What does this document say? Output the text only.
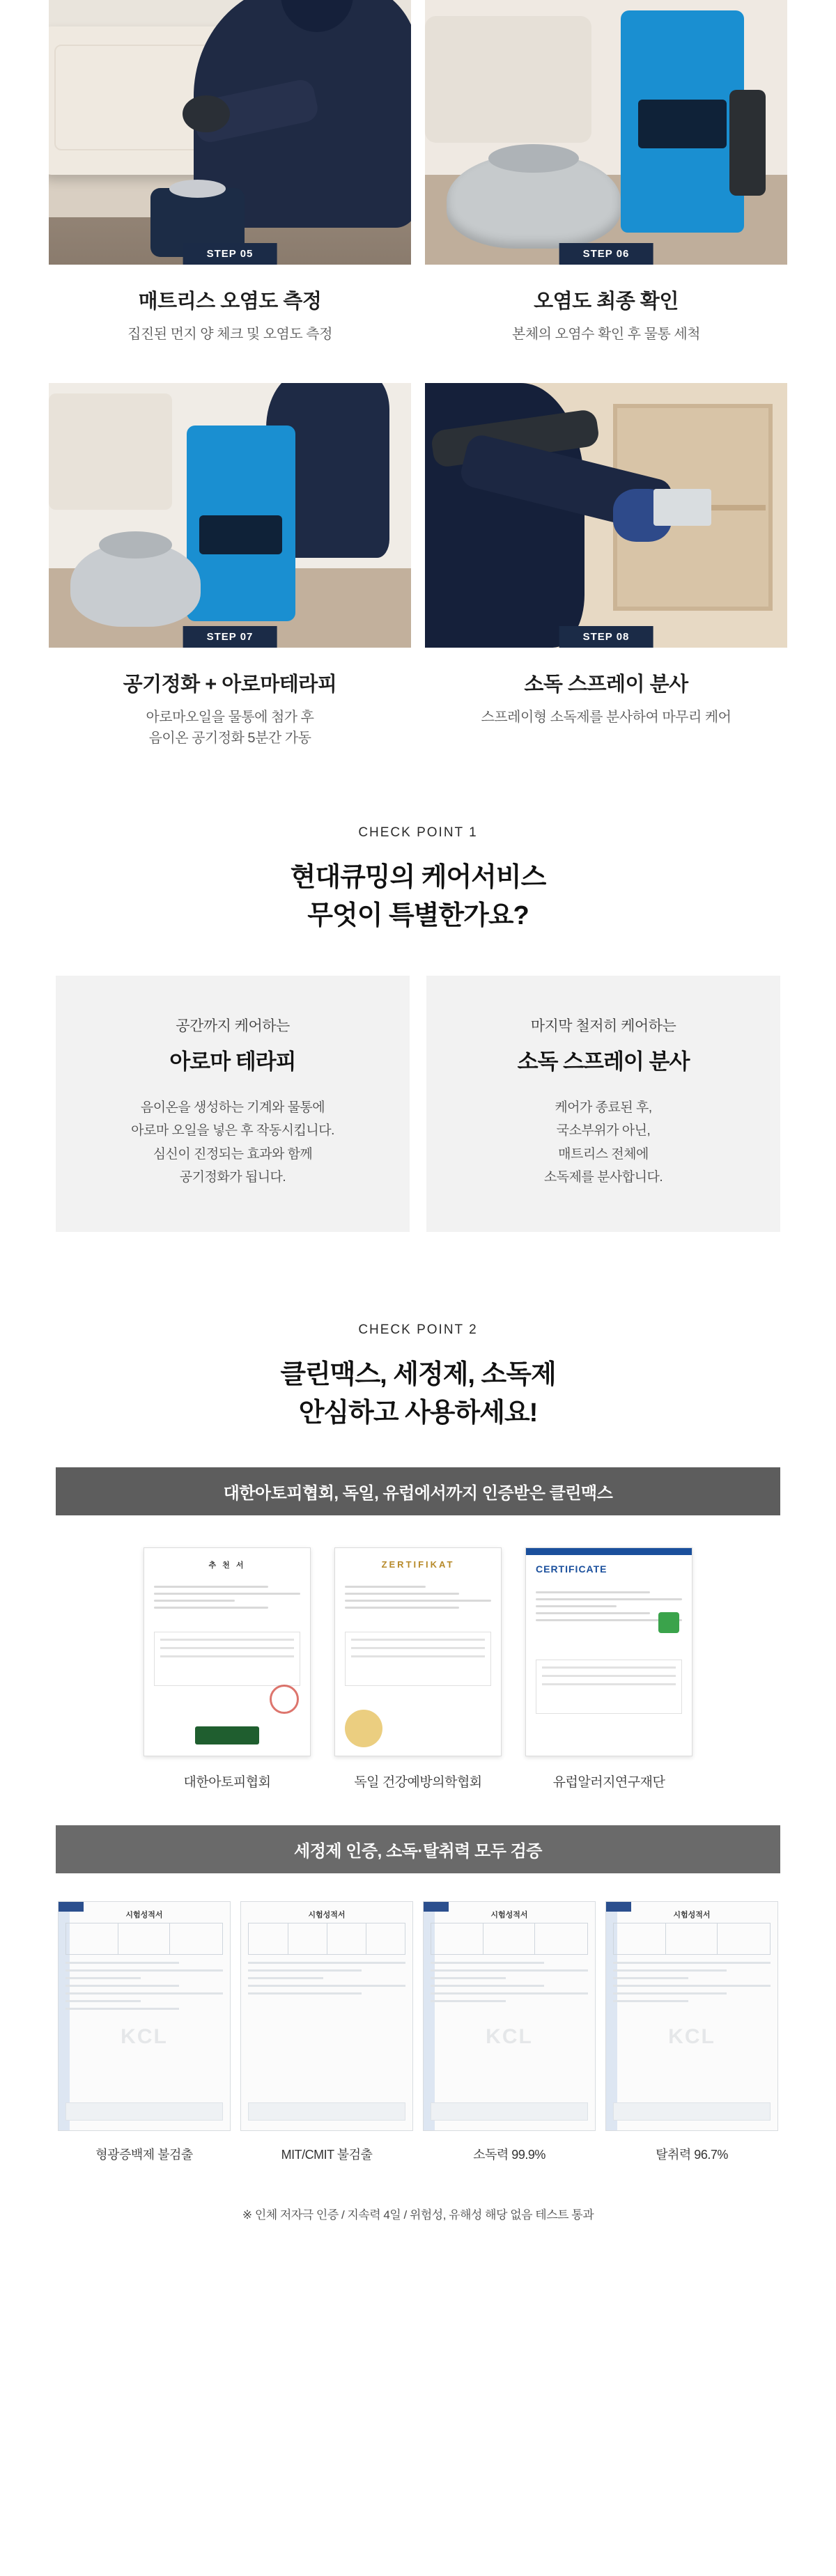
STEP 05
매트리스 오염도 측정
집진된 먼지 양 체크 및 오염도 측정
STEP 06
오염도 최종 확인
본체의 오염수 확인 후 물통 세척
STEP 07
공기정화 + 아로마테라피
아로마오일을 물통에 첨가 후
음이온 공기정화 5분간 가동
STEP 08
소독 스프레이 분사
스프레이형 소독제를 분사하여 마무리 케어
CHECK POINT 1
현대큐밍의 케어서비스
무엇이 특별한가요?
공간까지 케어하는
아로마 테라피
음이온을 생성하는 기계와 물통에
아로마 오일을 넣은 후 작동시킵니다.
심신이 진정되는 효과와 함께
공기정화가 됩니다.
마지막 철저히 케어하는
소독 스프레이 분사
케어가 종료된 후,
국소부위가 아닌,
매트리스 전체에
소독제를 분사합니다.
CHECK POINT 2
클린맥스, 세정제, 소독제
안심하고 사용하세요!
대한아토피협회, 독일, 유럽에서까지 인증받은 클린맥스
추 천 서
대한아토피협회
ZERTIFIKAT
독일 건강예방의학협회
CERTIFICATE
유럽알러지연구재단
세정제 인증, 소독·탈취력 모두 검증
시험성적서
KCL
형광증백제 불검출
시험성적서
MIT/CMIT 불검출
시험성적서
KCL
소독력 99.9%
시험성적서
KCL
탈취력 96.7%
※ 인체 저자극 인증 / 지속력 4일 / 위험성, 유해성 해당 없음 테스트 통과
